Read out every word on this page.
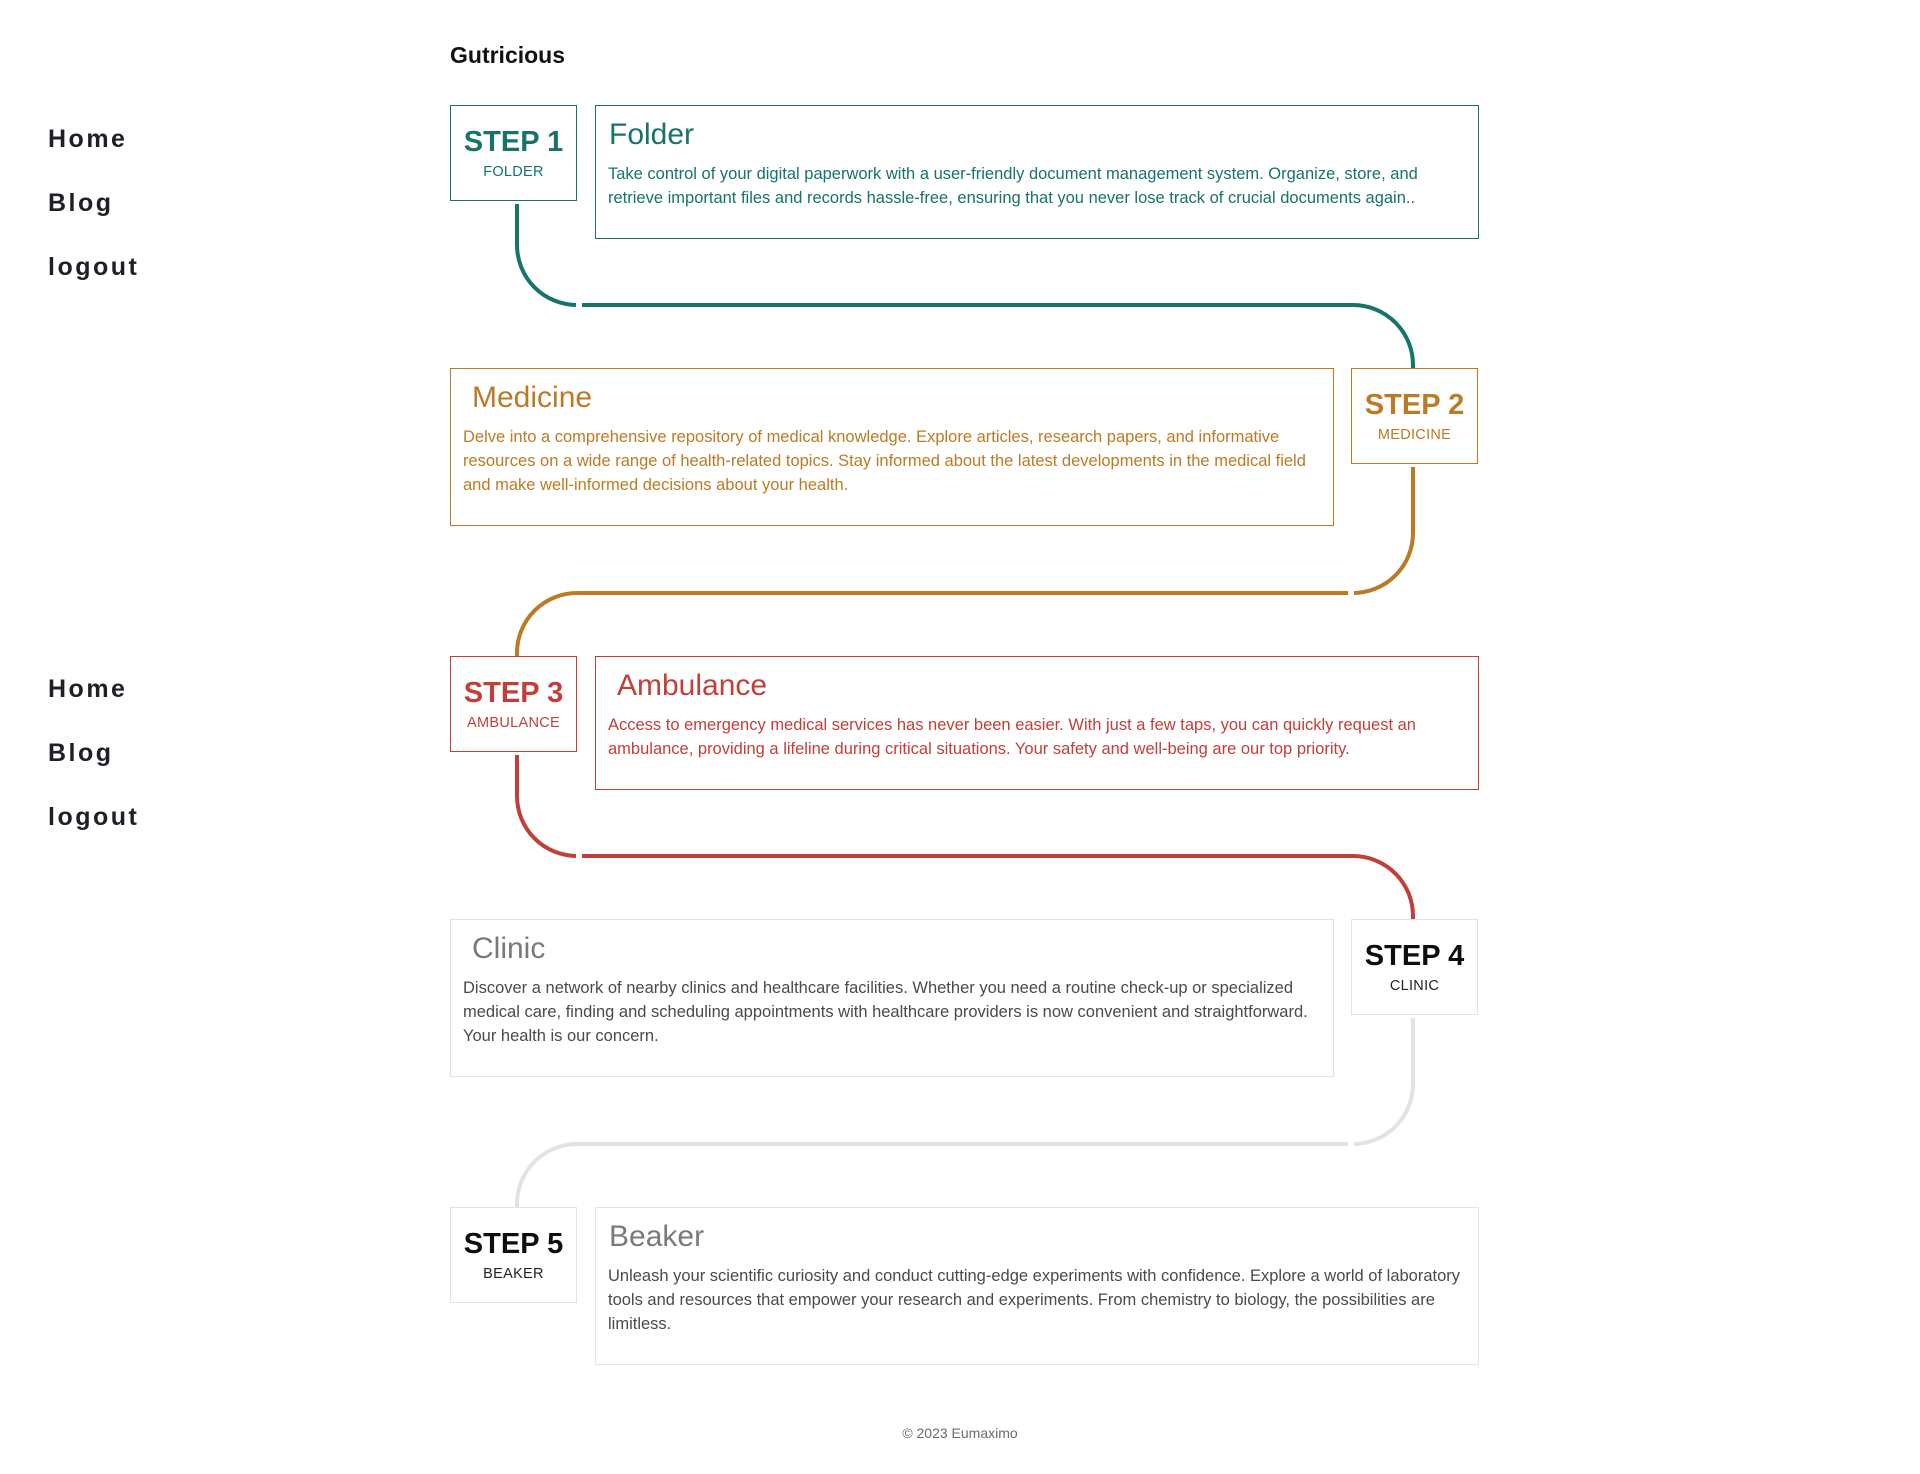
Home
Blog
logout
Home
Blog
logout
Gutricious
STEP 1
FOLDER
Folder
Take control of your digital paperwork with a user-friendly document management system. Organize, store, and retrieve important files and records hassle-free, ensuring that you never lose track of crucial documents again..
Medicine
Delve into a comprehensive repository of medical knowledge. Explore articles, research papers, and informative resources on a wide range of health-related topics. Stay informed about the latest developments in the medical field and make well-informed decisions about your health.
STEP 2
MEDICINE
STEP 3
AMBULANCE
Ambulance
Access to emergency medical services has never been easier. With just a few taps, you can quickly request an ambulance, providing a lifeline during critical situations. Your safety and well-being are our top priority.
Clinic
Discover a network of nearby clinics and healthcare facilities. Whether you need a routine check-up or specialized medical care, finding and scheduling appointments with healthcare providers is now convenient and straightforward. Your health is our concern.
STEP 4
CLINIC
STEP 5
BEAKER
Beaker
Unleash your scientific curiosity and conduct cutting-edge experiments with confidence. Explore a world of laboratory tools and resources that empower your research and experiments. From chemistry to biology, the possibilities are limitless.
© 2023 Eumaximo
